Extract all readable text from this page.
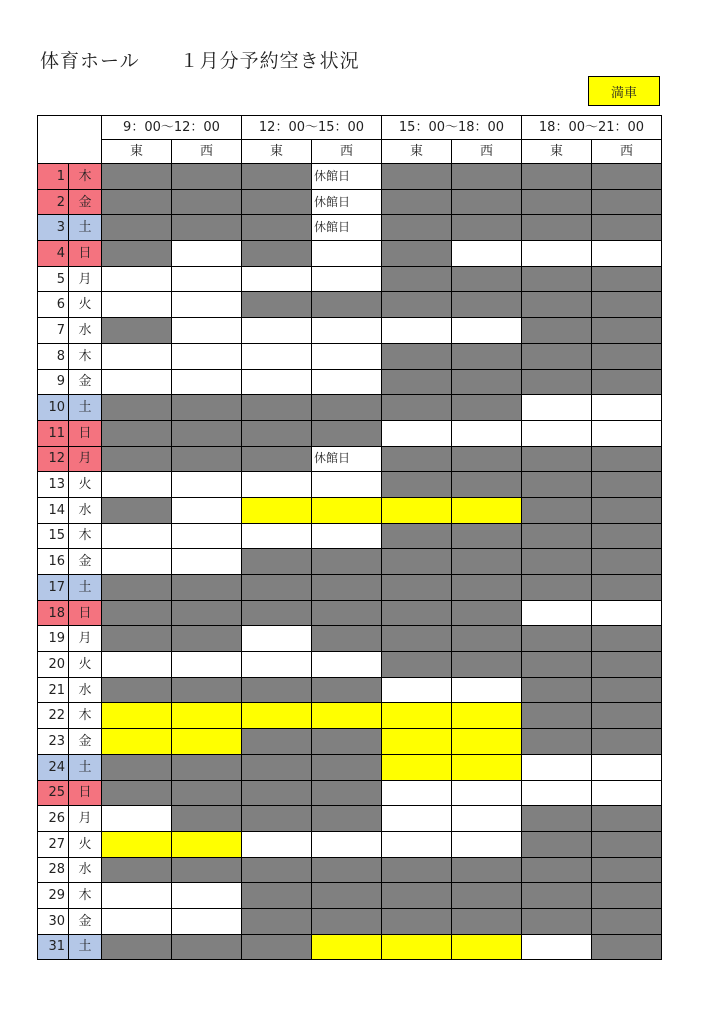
体育ホール　　１月分予約空き状況
満車
		9：00～12：00		12：00～15：00		15：00～18：00		18：00～21：00	
		東	西	東	西	東	西	東	西
1	木				休館日				
2	金				休館日				
3	土				休館日				
4	日								
5	月								
6	火								
7	水								
8	木								
9	金								
10	土								
11	日								
12	月				休館日				
13	火								
14	水								
15	木								
16	金								
17	土								
18	日								
19	月								
20	火								
21	水								
22	木								
23	金								
24	土								
25	日								
26	月								
27	火								
28	水								
29	木								
30	金								
31	土								
